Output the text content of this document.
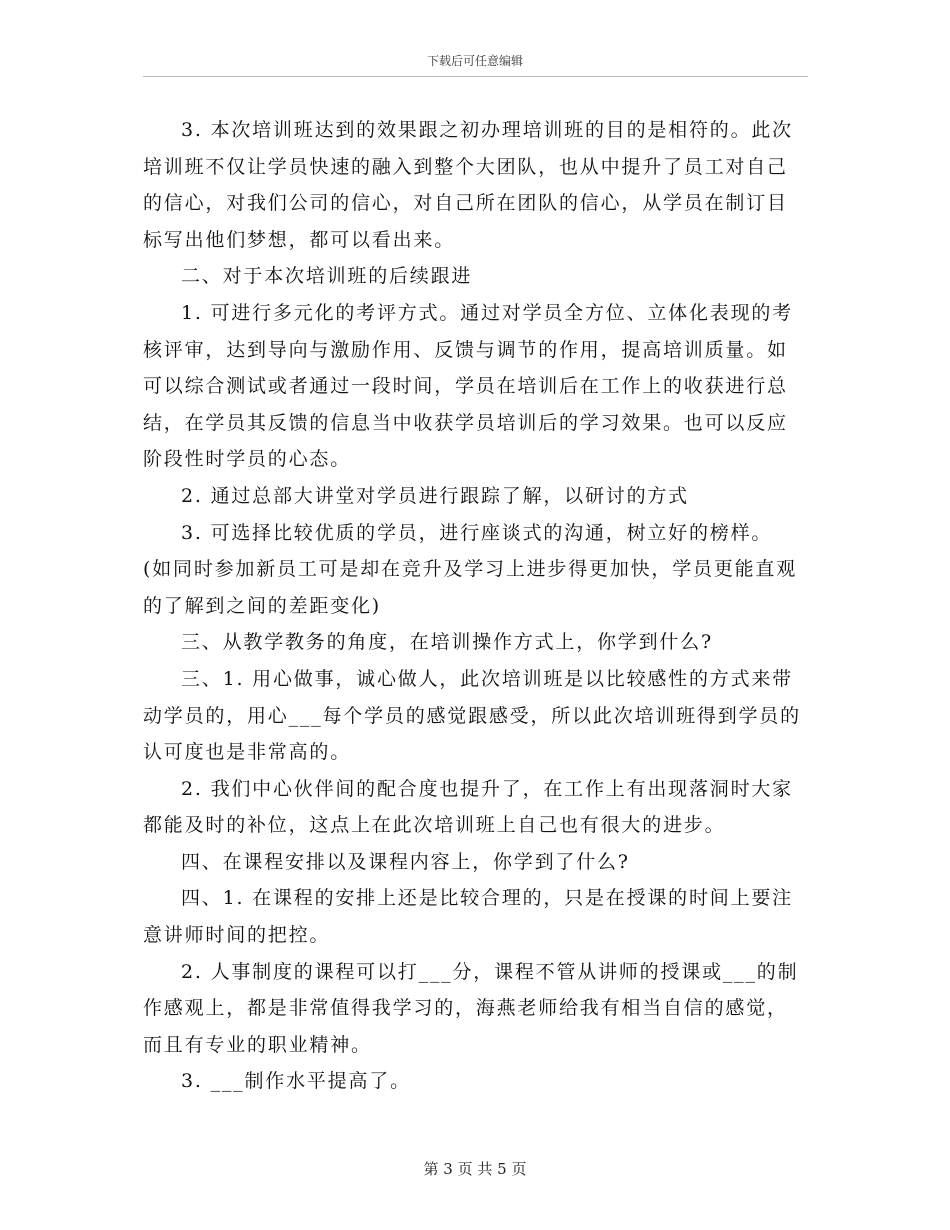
下载后可任意编辑

3. 本次培训班达到的效果跟之初办理培训班的目的是相符的。此次培训班不仅让学员快速的融入到整个大团队，也从中提升了员工对自己的信心，对我们公司的信心，对自己所在团队的信心，从学员在制订目标写出他们梦想，都可以看出来。

二、对于本次培训班的后续跟进

1. 可进行多元化的考评方式。通过对学员全方位、立体化表现的考核评审，达到导向与激励作用、反馈与调节的作用，提高培训质量。如可以综合测试或者通过一段时间，学员在培训后在工作上的收获进行总结，在学员其反馈的信息当中收获学员培训后的学习效果。也可以反应阶段性时学员的心态。

2. 通过总部大讲堂对学员进行跟踪了解，以研讨的方式

3. 可选择比较优质的学员，进行座谈式的沟通，树立好的榜样。

(如同时参加新员工可是却在竞升及学习上进步得更加快，学员更能直观的了解到之间的差距变化)

三、从教学教务的角度，在培训操作方式上，你学到什么?

三、1. 用心做事，诚心做人，此次培训班是以比较感性的方式来带动学员的，用心___每个学员的感觉跟感受，所以此次培训班得到学员的认可度也是非常高的。

2. 我们中心伙伴间的配合度也提升了，在工作上有出现落洞时大家都能及时的补位，这点上在此次培训班上自己也有很大的进步。

四、在课程安排以及课程内容上，你学到了什么?

四、1. 在课程的安排上还是比较合理的，只是在授课的时间上要注意讲师时间的把控。

2. 人事制度的课程可以打___分，课程不管从讲师的授课或___的制作感观上，都是非常值得我学习的，海燕老师给我有相当自信的感觉，而且有专业的职业精神。

3. ___制作水平提高了。

第 3 页 共 5 页
